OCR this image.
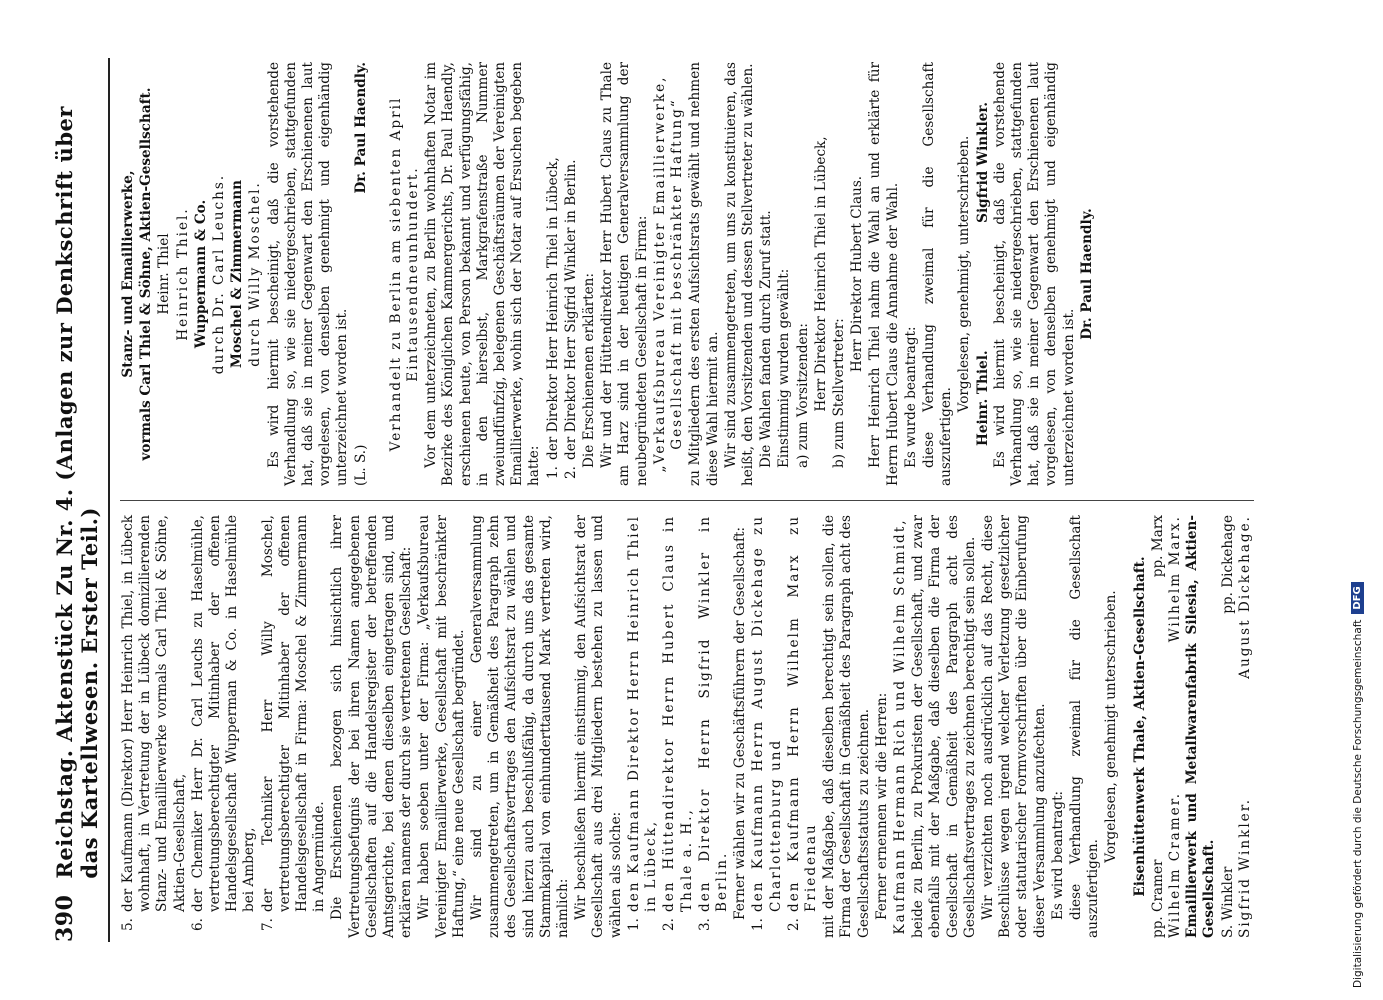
390
Reichstag. Aktenstück Zu Nr. 4. (Anlagen zur Denkschrift über das Kartellwesen. Erster Teil.)
5.
der Kaufmann (Direktor) Herr Heinrich Thiel, in Lübeck wohnhaft, in Vertretung der in Lübeck domizilierenden Stanz- und Emaillierwerke vormals Carl Thiel & Söhne, Aktien-Gesellschaft,
6.
der Chemiker Herr Dr. Carl Leuchs zu Haselmühle, vertretungsberechtigter Mitinhaber der offenen Handelsgesellschaft Wupperman & Co. in Haselmühle bei Amberg,
7.
der Techniker Herr Willy Moschel, vertretungsberechtigter Mitinhaber der offenen Handelsgesellschaft in Firma: Moschel & Zimmermann in Angermünde. Die Erschienenen bezogen sich hinsichtlich ihrer Vertretungsbefugnis der bei ihren Namen angegebenen Gesellschaften auf die Handelsregister der betreffenden Amtsgerichte, bei denen dieselben eingetragen sind, und erklären namens der durch sie vertretenen Gesellschaft: Wir haben soeben unter der Firma: „Verkaufsbureau Vereinigter Emaillierwerke, Gesellschaft mit beschränkter Haftung,“ eine neue Gesellschaft begründet. Wir sind zu einer Generalversammlung zusammengetreten, um in Gemäßheit des Paragraph zehn des Gesellschaftsvertrages den Aufsichtsrat zu wählen und sind hierzu auch beschlußfähig, da durch uns das gesamte Stammkapital von einhunderttausend Mark vertreten wird, nämlich: Wir beschließen hiermit einstimmig, den Aufsichtsrat der Gesellschaft aus drei Mitgliedern bestehen zu lassen und wählen als solche: 1.
den Kaufmann Direktor Herrn Heinrich Thiel in Lübeck,
2.
den Hüttendirektor Herrn Hubert Claus in Thale a. H.,
3.
den Direktor Herrn Sigfrid Winkler in Berlin. Ferner wählen wir zu Geschäftsführern der Gesellschaft:

1.
den Kaufmann Herrn August Dickehage zu Charlottenburg und
2.
den Kaufmann Herrn Wilhelm Marx zu Friedenau mit der Maßgabe, daß dieselben berechtigt sein sollen, die Firma der Gesellschaft in Gemäßheit des Paragraph acht des Gesellschaftsstatuts zu zeichnen. Ferner ernennen wir die Herren: Kaufmann Hermann Rich und Wilhelm Schmidt, beide zu Berlin, zu Prokuristen der Gesellschaft, und zwar ebenfalls mit der Maßgabe, daß dieselben die Firma der Gesellschaft in Gemäßheit des Paragraph acht des Gesellschaftsvertrages zu zeichnen berechtigt sein sollen. Wir verzichten noch ausdrücklich auf das Recht, diese Beschlüsse wegen irgend welcher Verletzung gesetzlicher oder statutarischer Formvorschriften über die Einberufung dieser Versammlung anzufechten. Es wird beantragt: diese Verhandlung zweimal für die Gesellschaft auszufertigen.

Vorgelesen, genehmigt unterschrieben. Eisenhüttenwerk Thale, Aktien-Gesellschaft.

pp. Cramer
pp. Marx
Wilhelm Cramer.
Wilhelm Marx. Emaillierwerk und Metallwarenfabrik Silesia, Aktien-Gesellschaft. S. Winkler
pp. Dickehage
Sigfrid Winkler.
August Dickehage.

Stanz- und Emaillierwerke, vormals Carl Thiel & Söhne, Aktien-Gesellschaft. Heinr. Thiel Heinrich Thiel. Wuppermann & Co. durch Dr. Carl Leuchs. Moschel & Zimmermann durch Willy Moschel. Es wird hiermit bescheinigt, daß die vorstehende Verhandlung so, wie sie niedergeschrieben, stattgefunden hat, daß sie in meiner Gegenwart den Erschienenen laut vorgelesen, von denselben genehmigt und eigenhändig unterzeichnet worden ist. (L. S.)
Dr. Paul Haendly. Verhandelt zu Berlin am siebenten April Eintausendneunhundert. Vor dem unterzeichneten, zu Berlin wohnhaften Notar im Bezirke des Königlichen Kammergerichts, Dr. Paul Haendly, erschienen heute, von Person bekannt und verfügungsfähig, in den hierselbst, Markgrafenstraße Nummer zweiundfünfzig, belegenen Geschäftsräumen der Vereinigten Emaillierwerke, wohin sich der Notar auf Ersuchen begeben hatte: 1.
der Direktor Herr Heinrich Thiel in Lübeck,
2.
der Direktor Herr Sigfrid Winkler in Berlin. Die Erschienenen erklärten: Wir und der Hüttendirektor Herr Hubert Claus zu Thale am Harz sind in der heutigen Generalversammlung der neubegründeten Gesellschaft in Firma: „Verkaufsbureau Vereinigter Emaillierwerke, Gesellschaft mit beschränkter Haftung“ zu Mitgliedern des ersten Aufsichtsrats gewählt und nehmen diese Wahl hiermit an. Wir sind zusammengetreten, um uns zu konstituieren, das heißt, den Vorsitzenden und dessen Stellvertreter zu wählen. Die Wahlen fanden durch Zuruf statt. Einstimmig wurden gewählt: a) zum Vorsitzenden: Herr Direktor Heinrich Thiel in Lübeck, b) zum Stellvertreter:

Herr Direktor Hubert Claus. Herr Heinrich Thiel nahm die Wahl an und erklärte für Herrn Hubert Claus die Annahme der Wahl. Es wurde beantragt: diese Verhandlung zweimal für die Gesellschaft auszufertigen.

Vorgelesen, genehmigt, unterschrieben. Heinr. Thiel.
Sigfrid Winkler. Es wird hiermit bescheinigt, daß die vorstehende Verhandlung so, wie sie niedergeschrieben, stattgefunden hat, daß sie in meiner Gegenwart den Erschienenen laut vorgelesen, von denselben genehmigt und eigenhändig unterzeichnet worden ist.

Dr. Paul Haendly.

Digitalisierung gefördert durch die Deutsche Forschungsgemeinschaft
DFG
